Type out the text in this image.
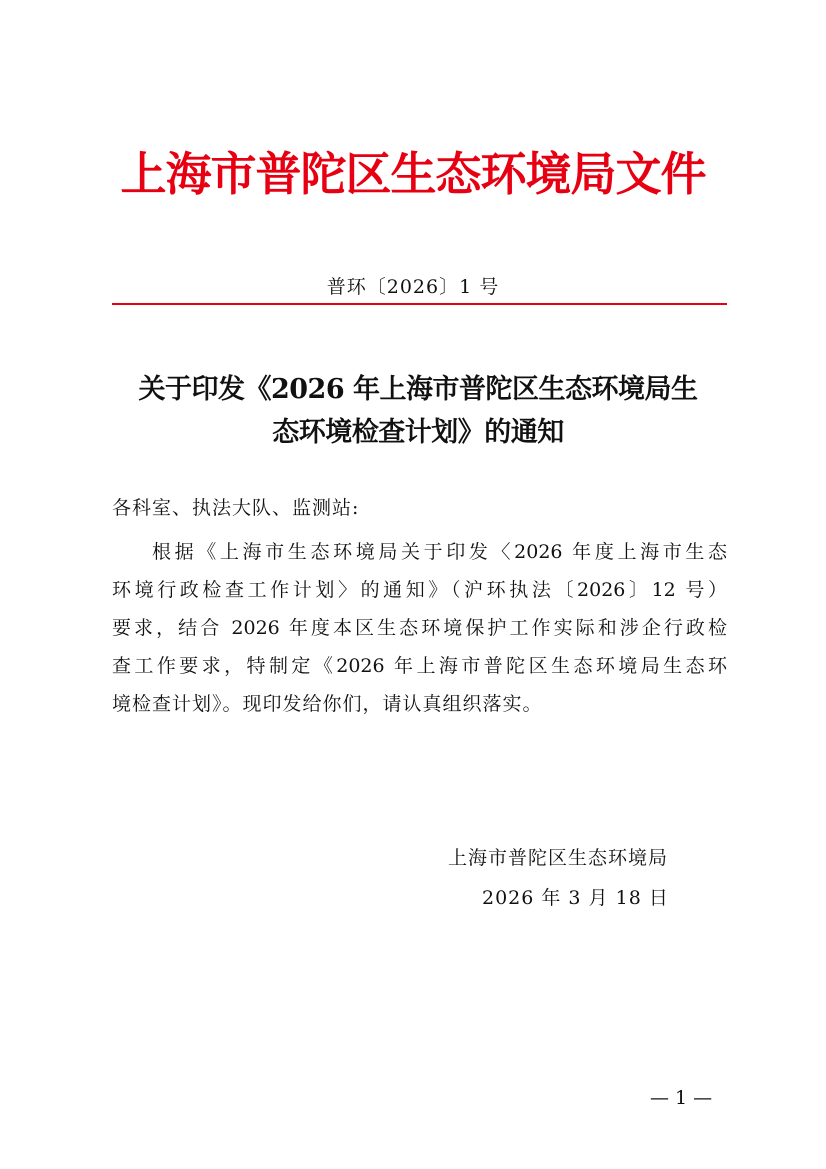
上海市普陀区生态环境局文件
普环〔2026〕1 号
关于印发《2026 年上海市普陀区生态环境局生
态环境检查计划》的通知
各科室、执法大队、监测站:
根据《上海市生态环境局关于印发〈2026 年度上海市生态
环境行政检查工作计划〉的通知》（沪环执法〔2026〕12 号）
要求，结合 2026 年度本区生态环境保护工作实际和涉企行政检
查工作要求，特制定《2026 年上海市普陀区生态环境局生态环
境检查计划》。现印发给你们，请认真组织落实。
上海市普陀区生态环境局
2026 年 3 月 18 日
— 1 —
